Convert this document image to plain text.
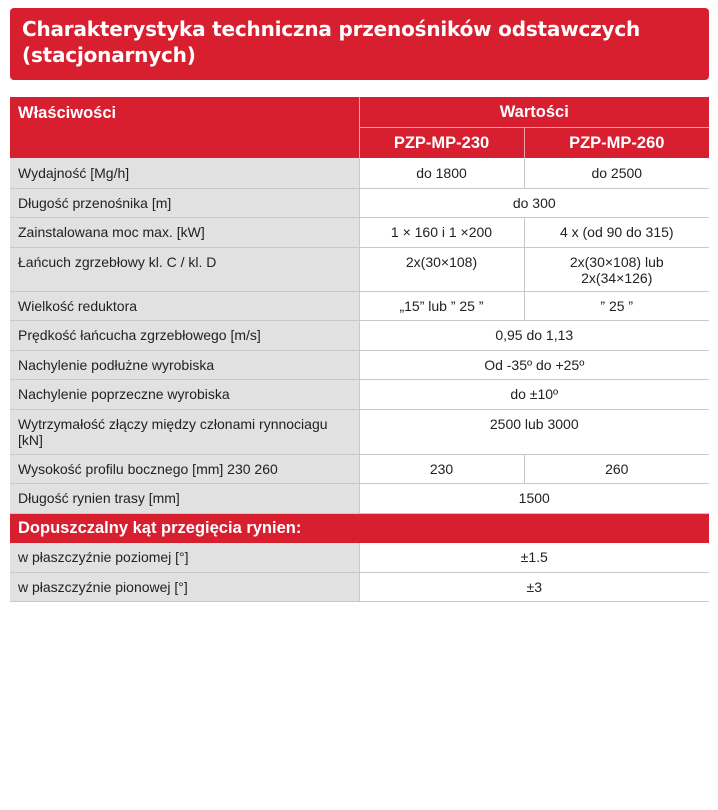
Charakterystyka techniczna przenośników odstawczych (stacjonarnych)
Właściwości	Wartości	
	PZP-MP-230	PZP-MP-260
Wydajność [Mg/h]	do 1800	do 2500
Długość przenośnika [m]	do 300	
Zainstalowana moc max. [kW]	1 × 160 i 1 ×200	4 x (od 90 do 315)
Łańcuch zgrzebłowy kl. C / kl. D	2x(30×108)	2x(30×108) lub 2x(34×126)
Wielkość reduktora	„15” lub ” 25 ”	” 25 ”
Prędkość łańcucha zgrzebłowego [m/s]	0,95 do 1,13	
Nachylenie podłużne wyrobiska	Od -35º do +25º	
Nachylenie poprzeczne wyrobiska	do ±10º	
Wytrzymałość złączy między członami rynnociagu [kN]	2500 lub 3000	
Wysokość profilu bocznego [mm] 230 260	230	260
Długość rynien trasy [mm]	1500	
Dopuszczalny kąt przegięcia rynien:		
w płaszczyźnie poziomej [°]	±1.5	
w płaszczyźnie pionowej [°]	±3	
